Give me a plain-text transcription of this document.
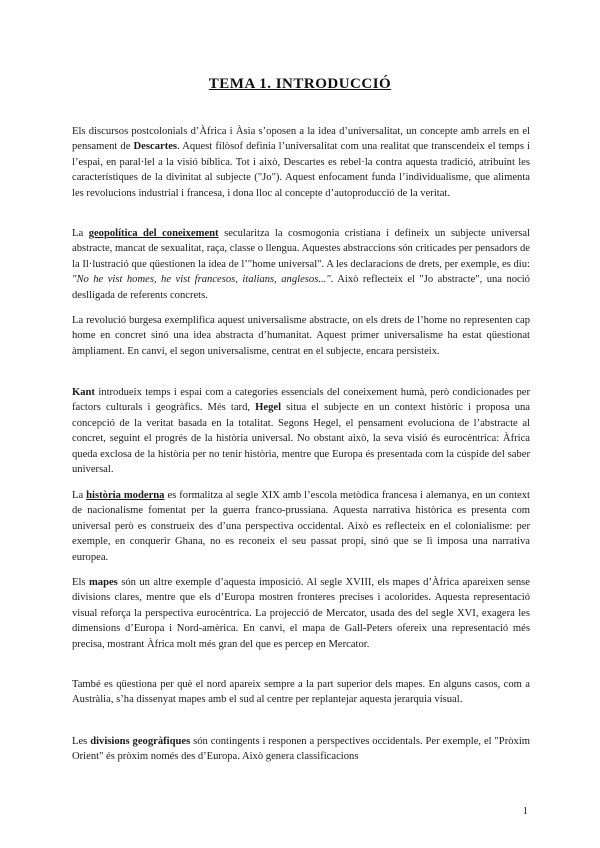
TEMA 1. INTRODUCCIÓ
Els discursos postcolonials d’Àfrica i Àsia s’oposen a la idea d’universalitat, un concepte amb arrels en el pensament de Descartes. Aquest filòsof definia l’universalitat com una realitat que transcendeix el temps i l’espai, en paral·lel a la visió bíblica. Tot i això, Descartes es rebel·la contra aquesta tradició, atribuint les característiques de la divinitat al subjecte ("Jo"). Aquest enfocament funda l’individualisme, que alimenta les revolucions industrial i francesa, i dona lloc al concepte d’autoproducció de la veritat.
La geopolítica del coneixement secularitza la cosmogonia cristiana i defineix un subjecte universal abstracte, mancat de sexualitat, raça, classe o llengua. Aquestes abstraccions són criticades per pensadors de la Il·lustració que qüestionen la idea de l’"home universal". A les declaracions de drets, per exemple, es diu: "No he vist homes, he vist francesos, italians, anglesos...". Això reflecteix el "Jo abstracte", una noció deslligada de referents concrets.
La revolució burgesa exemplifica aquest universalisme abstracte, on els drets de l’home no representen cap home en concret sinó una idea abstracta d’humanitat. Aquest primer universalisme ha estat qüestionat àmpliament. En canvi, el segon universalisme, centrat en el subjecte, encara persisteix.
Kant introdueix temps i espai com a categories essencials del coneixement humà, però condicionades per factors culturals i geogràfics. Més tard, Hegel situa el subjecte en un context històric i proposa una concepció de la veritat basada en la totalitat. Segons Hegel, el pensament evoluciona de l’abstracte al concret, seguint el progrés de la història universal. No obstant això, la seva visió és eurocèntrica: Àfrica queda exclosa de la història per no tenir història, mentre que Europa és presentada com la cúspide del saber universal.
La història moderna es formalitza al segle XIX amb l’escola metòdica francesa i alemanya, en un context de nacionalisme fomentat per la guerra franco-prussiana. Aquesta narrativa històrica es presenta com universal però es construeix des d’una perspectiva occidental. Això es reflecteix en el colonialisme: per exemple, en conquerir Ghana, no es reconeix el seu passat propi, sinó que se li imposa una narrativa europea.
Els mapes són un altre exemple d’aquesta imposició. Al segle XVIII, els mapes d’Àfrica apareixen sense divisions clares, mentre que els d’Europa mostren fronteres precises i acolorides. Aquesta representació visual reforça la perspectiva eurocèntrica. La projecció de Mercator, usada des del segle XVI, exagera les dimensions d’Europa i Nord-amèrica. En canvi, el mapa de Gall-Peters ofereix una representació més precisa, mostrant Àfrica molt més gran del que es percep en Mercator.
També es qüestiona per què el nord apareix sempre a la part superior dels mapes. En alguns casos, com a Austràlia, s’ha dissenyat mapes amb el sud al centre per replantejar aquesta jerarquia visual.
Les divisions geogràfiques són contingents i responen a perspectives occidentals. Per exemple, el "Pròxim Orient" és pròxim només des d’Europa. Això genera classificacions
1
